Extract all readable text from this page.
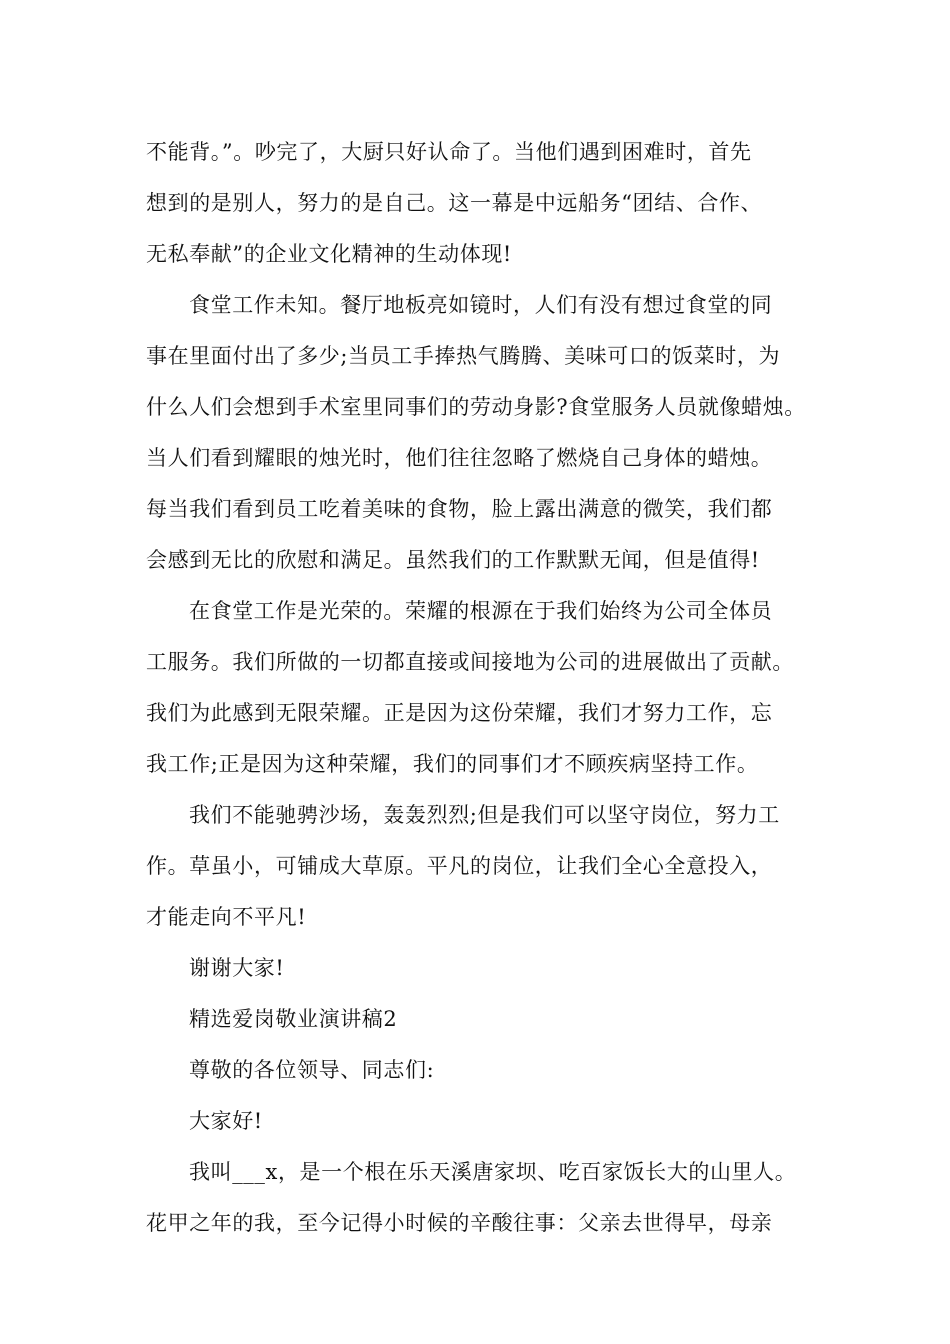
不能背。”。吵完了，大厨只好认命了。当他们遇到困难时，首先
想到的是别人，努力的是自己。这一幕是中远船务“团结、合作、
无私奉献”的企业文化精神的生动体现!
食堂工作未知。餐厅地板亮如镜时，人们有没有想过食堂的同
事在里面付出了多少;当员工手捧热气腾腾、美味可口的饭菜时，为
什么人们会想到手术室里同事们的劳动身影?食堂服务人员就像蜡烛。
当人们看到耀眼的烛光时，他们往往忽略了燃烧自己身体的蜡烛。
每当我们看到员工吃着美味的食物，脸上露出满意的微笑，我们都
会感到无比的欣慰和满足。虽然我们的工作默默无闻，但是值得!
在食堂工作是光荣的。荣耀的根源在于我们始终为公司全体员
工服务。我们所做的一切都直接或间接地为公司的进展做出了贡献。
我们为此感到无限荣耀。正是因为这份荣耀，我们才努力工作，忘
我工作;正是因为这种荣耀，我们的同事们才不顾疾病坚持工作。
我们不能驰骋沙场，轰轰烈烈;但是我们可以坚守岗位，努力工
作。草虽小，可铺成大草原。平凡的岗位，让我们全心全意投入，
才能走向不平凡!
谢谢大家!
精选爱岗敬业演讲稿2
尊敬的各位领导、同志们:
大家好!
我叫___x，是一个根在乐天溪唐家坝、吃百家饭长大的山里人。
花甲之年的我，至今记得小时候的辛酸往事：父亲去世得早，母亲
